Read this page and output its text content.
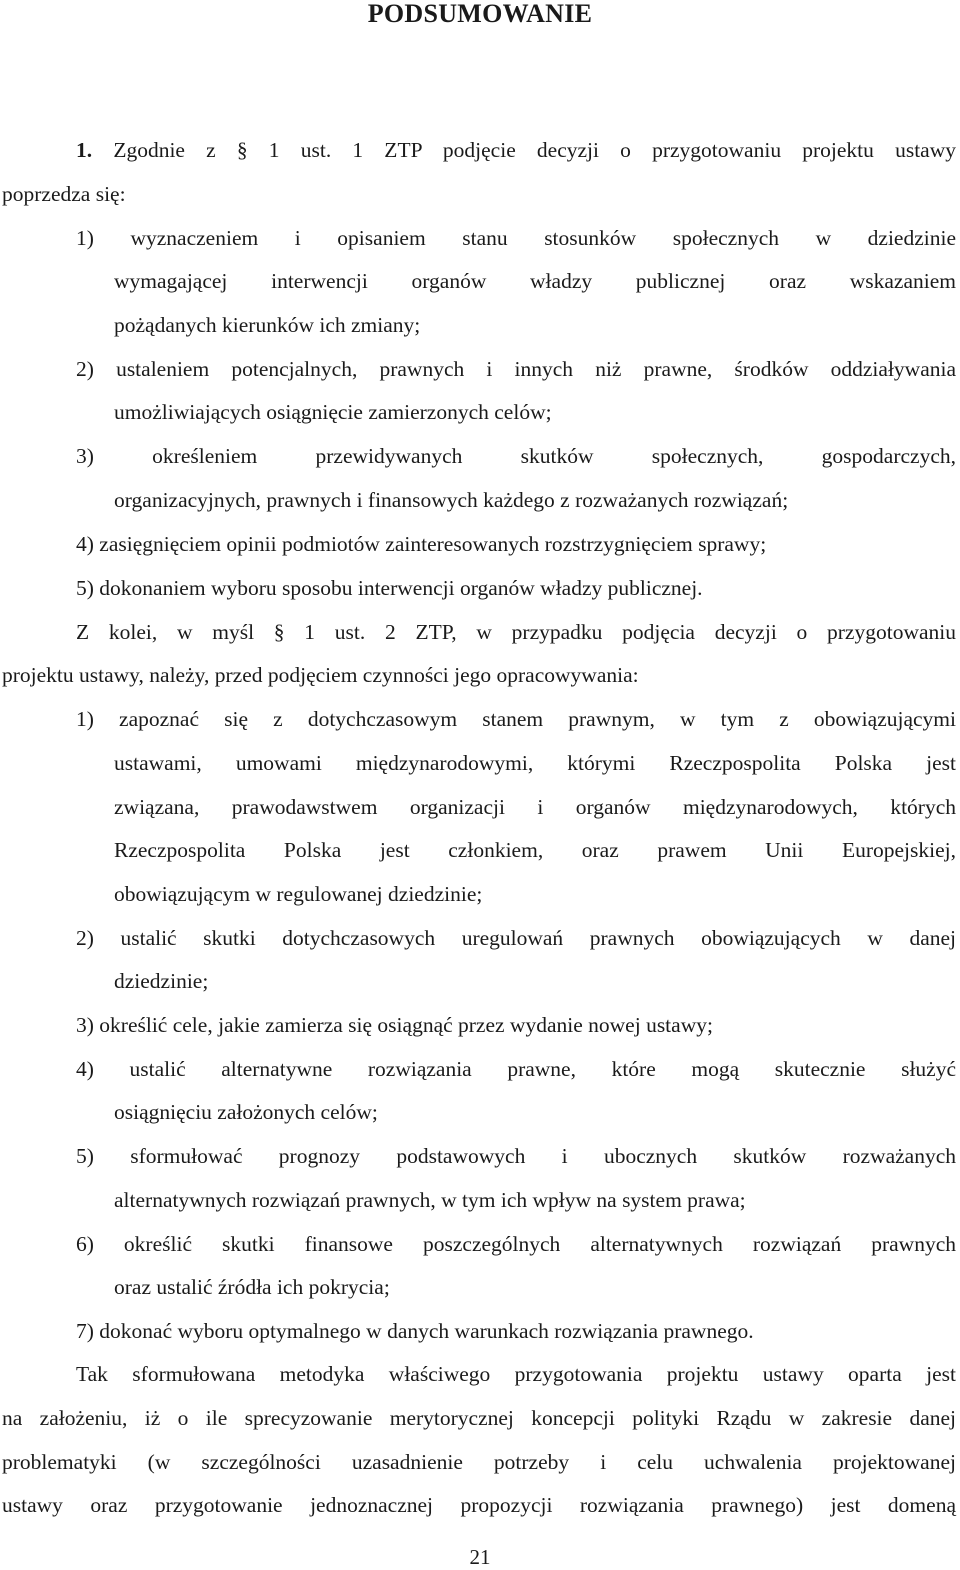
PODSUMOWANIE
1. Zgodnie z § 1 ust. 1 ZTP podjęcie decyzji o przygotowaniu projektu ustawy
poprzedza się:
1) wyznaczeniem i opisaniem stanu stosunków społecznych w dziedzinie
wymagającej interwencji organów władzy publicznej oraz wskazaniem
pożądanych kierunków ich zmiany;
2) ustaleniem potencjalnych, prawnych i innych niż prawne, środków oddziaływania
umożliwiających osiągnięcie zamierzonych celów;
3) określeniem przewidywanych skutków społecznych, gospodarczych,
organizacyjnych, prawnych i finansowych każdego z rozważanych rozwiązań;
4) zasięgnięciem opinii podmiotów zainteresowanych rozstrzygnięciem sprawy;
5) dokonaniem wyboru sposobu interwencji organów władzy publicznej.
Z kolei, w myśl § 1 ust. 2 ZTP, w przypadku podjęcia decyzji o przygotowaniu
projektu ustawy, należy, przed podjęciem czynności jego opracowywania:
1) zapoznać się z dotychczasowym stanem prawnym, w tym z obowiązującymi
ustawami, umowami międzynarodowymi, którymi Rzeczpospolita Polska jest
związana, prawodawstwem organizacji i organów międzynarodowych, których
Rzeczpospolita Polska jest członkiem, oraz prawem Unii Europejskiej,
obowiązującym w regulowanej dziedzinie;
2) ustalić skutki dotychczasowych uregulowań prawnych obowiązujących w danej
dziedzinie;
3) określić cele, jakie zamierza się osiągnąć przez wydanie nowej ustawy;
4) ustalić alternatywne rozwiązania prawne, które mogą skutecznie służyć
osiągnięciu założonych celów;
5) sformułować prognozy podstawowych i ubocznych skutków rozważanych
alternatywnych rozwiązań prawnych, w tym ich wpływ na system prawa;
6) określić skutki finansowe poszczególnych alternatywnych rozwiązań prawnych
oraz ustalić źródła ich pokrycia;
7) dokonać wyboru optymalnego w danych warunkach rozwiązania prawnego.
Tak sformułowana metodyka właściwego przygotowania projektu ustawy oparta jest
na założeniu, iż o ile sprecyzowanie merytorycznej koncepcji polityki Rządu w zakresie danej
problematyki (w szczególności uzasadnienie potrzeby i celu uchwalenia projektowanej
ustawy oraz przygotowanie jednoznacznej propozycji rozwiązania prawnego) jest domeną
21
